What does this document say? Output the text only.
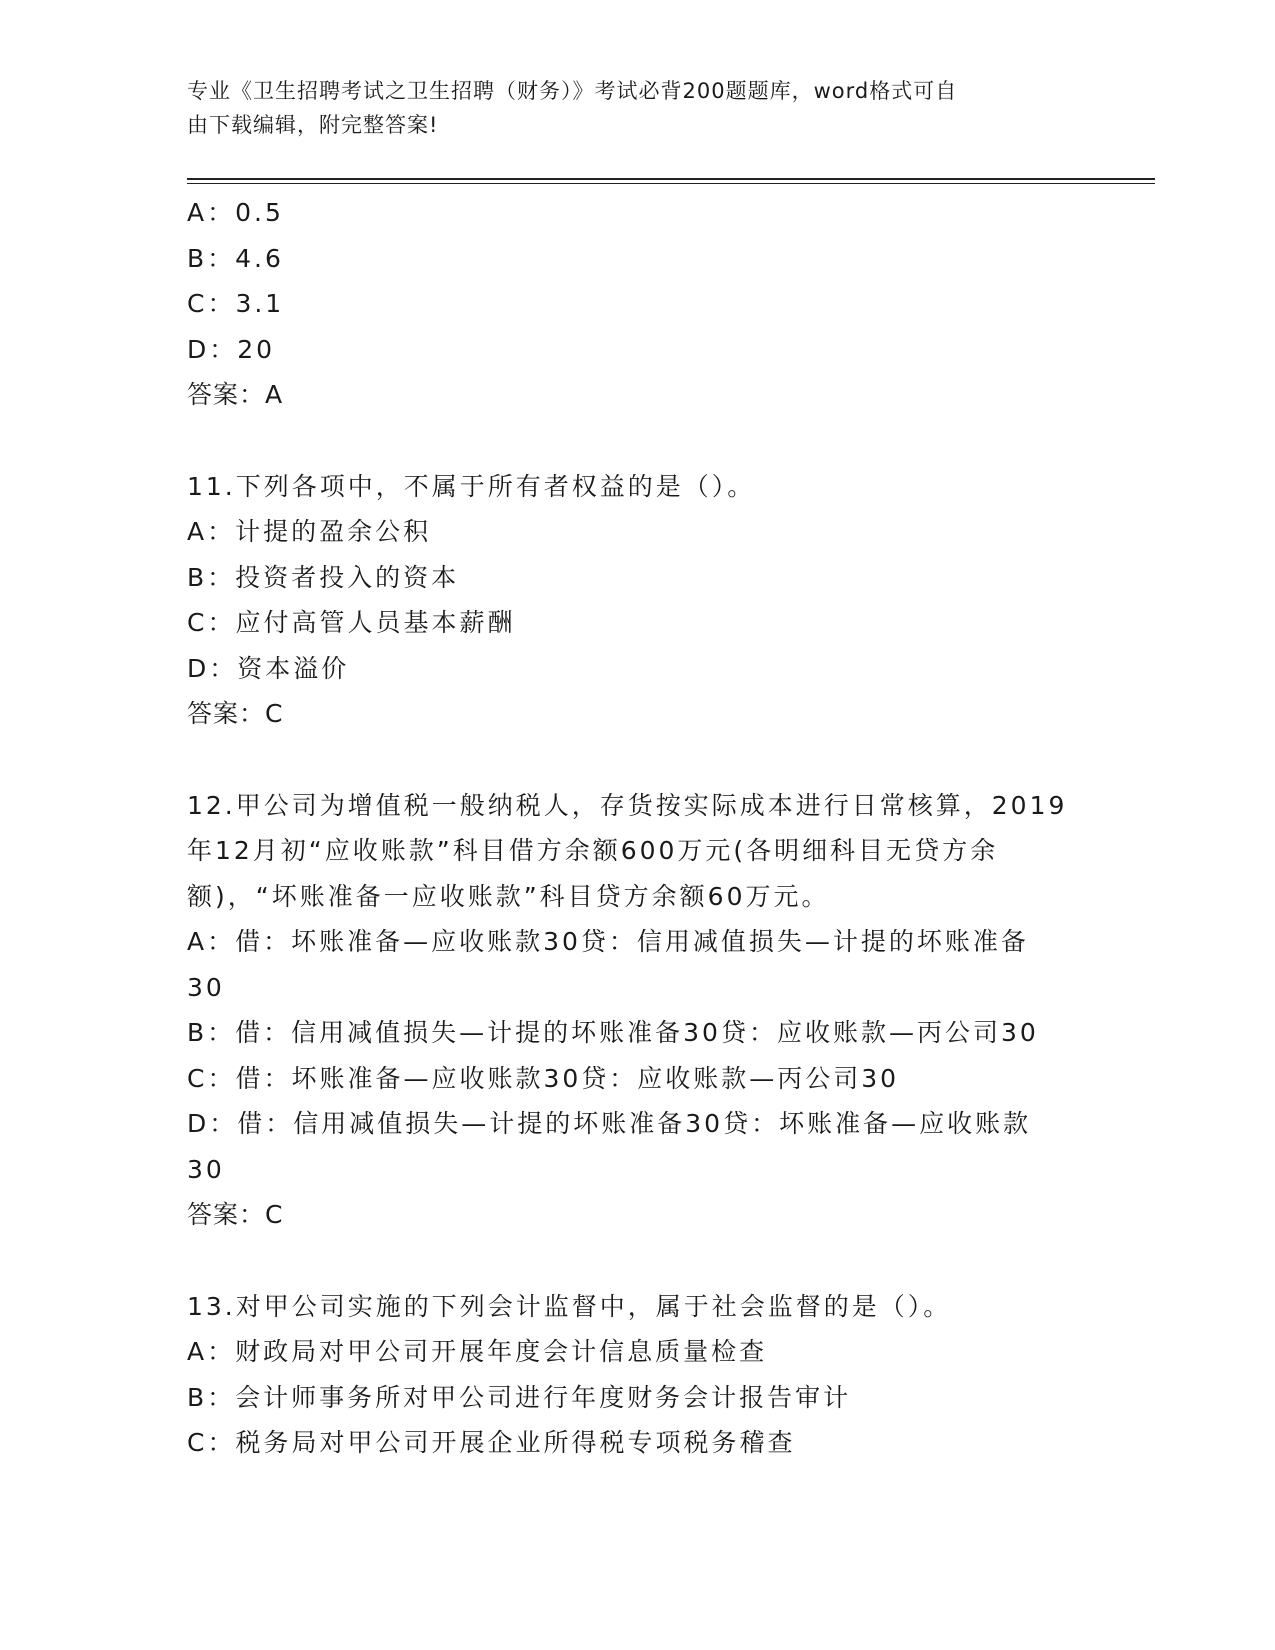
专业《卫生招聘考试之卫生招聘（财务）》考试必背200题题库，word格式可自
由下载编辑，附完整答案!
A：0.5
B：4.6
C：3.1
D：20
答案：A
11.下列各项中，不属于所有者权益的是（）。
A：计提的盈余公积
B：投资者投入的资本
C：应付高管人员基本薪酬
D：资本溢价
答案：C
12.甲公司为增值税一般纳税人，存货按实际成本进行日常核算，2019
年12月初“应收账款”科目借方余额600万元(各明细科目无贷方余
额)，“坏账准备一应收账款”科目贷方余额60万元。
A：借：坏账准备—应收账款30贷：信用减值损失—计提的坏账准备
30
B：借：信用减值损失—计提的坏账准备30贷：应收账款—丙公司30
C：借：坏账准备—应收账款30贷：应收账款—丙公司30
D：借：信用减值损失—计提的坏账准备30贷：坏账准备—应收账款
30
答案：C
13.对甲公司实施的下列会计监督中，属于社会监督的是（）。
A：财政局对甲公司开展年度会计信息质量检查
B：会计师事务所对甲公司进行年度财务会计报告审计
C：税务局对甲公司开展企业所得税专项税务稽查
